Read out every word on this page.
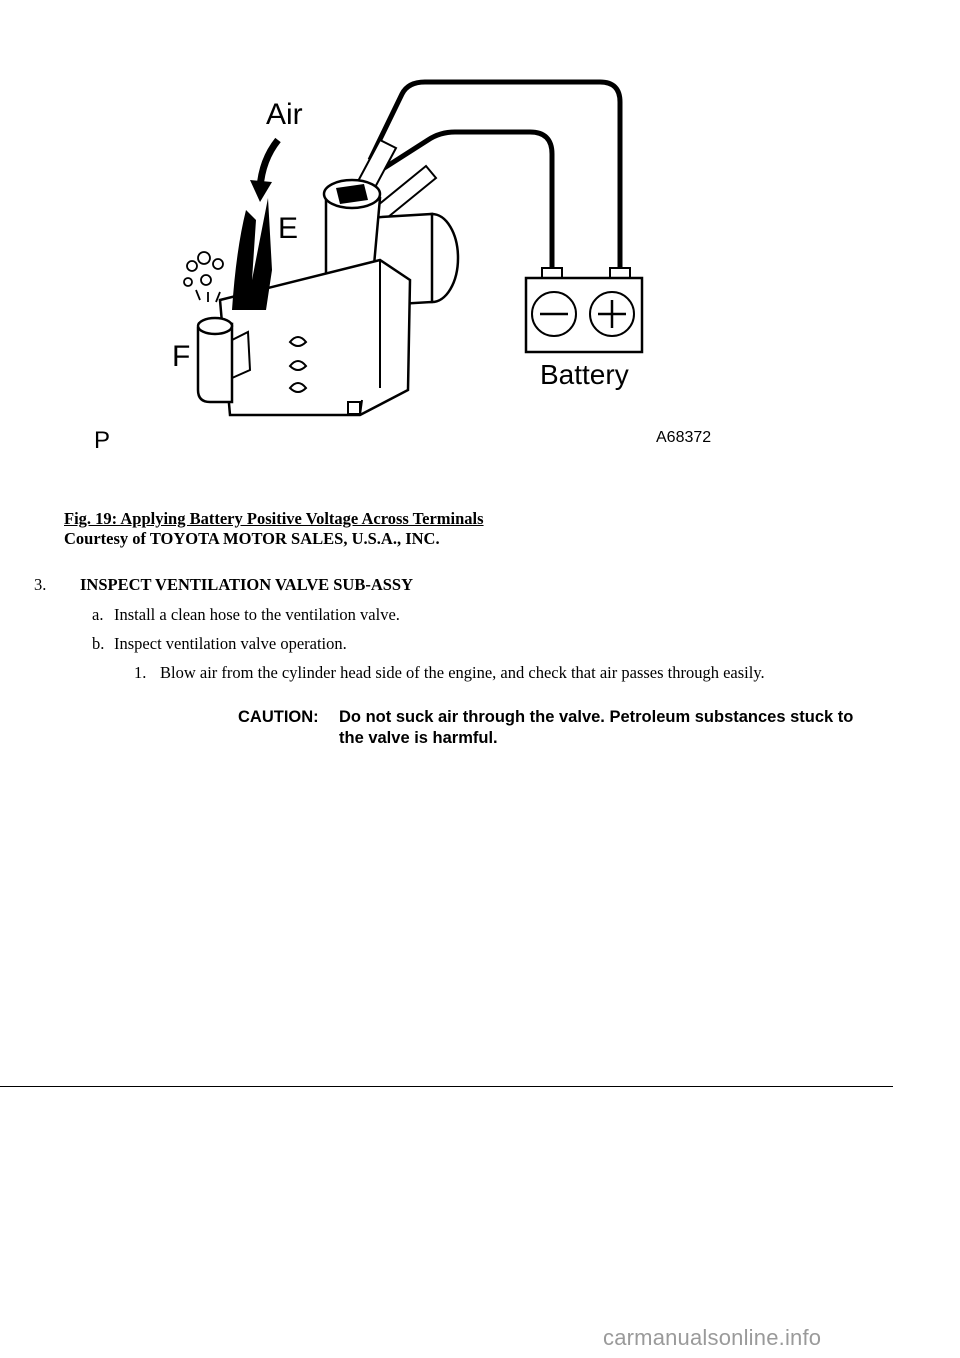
Air
E
F
Battery
P	A68372
Fig. 19: Applying Battery Positive Voltage Across Terminals
Courtesy of TOYOTA MOTOR SALES, U.S.A., INC.
3. INSPECT VENTILATION VALVE SUB-ASSY
a. Install a clean hose to the ventilation valve.
b. Inspect ventilation valve operation.
1. Blow air from the cylinder head side of the engine, and check that air passes through easily.
CAUTION:	Do not suck air through the valve. Petroleum substances stuck to the valve is harmful.
carmanualsonline.info
